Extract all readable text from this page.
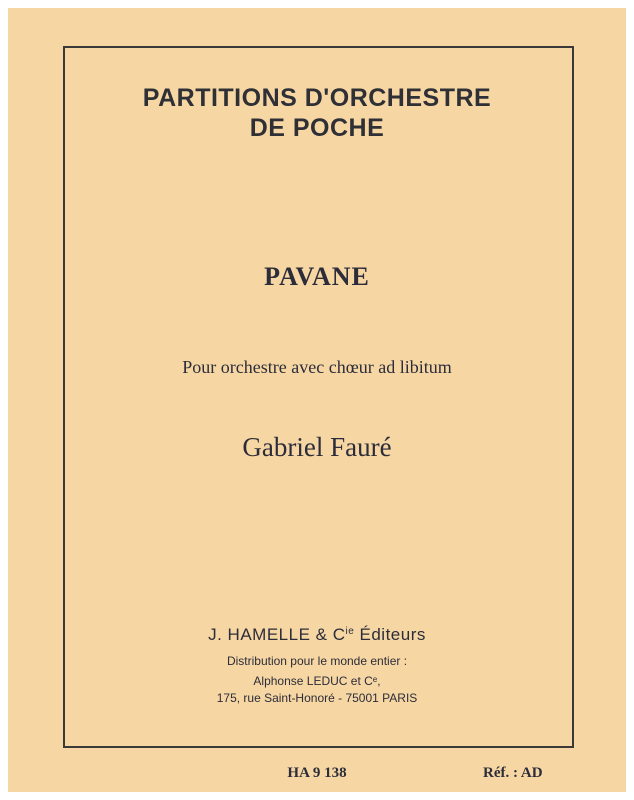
PARTITIONS D'ORCHESTRE
DE POCHE
PAVANE
Pour orchestre avec chœur ad libitum
Gabriel Fauré
J. HAMELLE & $C^{ie}$ Éditeurs
Distribution pour le monde entier :
Alphonse LEDUC et Cᵉ,
175, rue Saint-Honoré - 75001 PARIS
HA 9 138	Réf. : AD
